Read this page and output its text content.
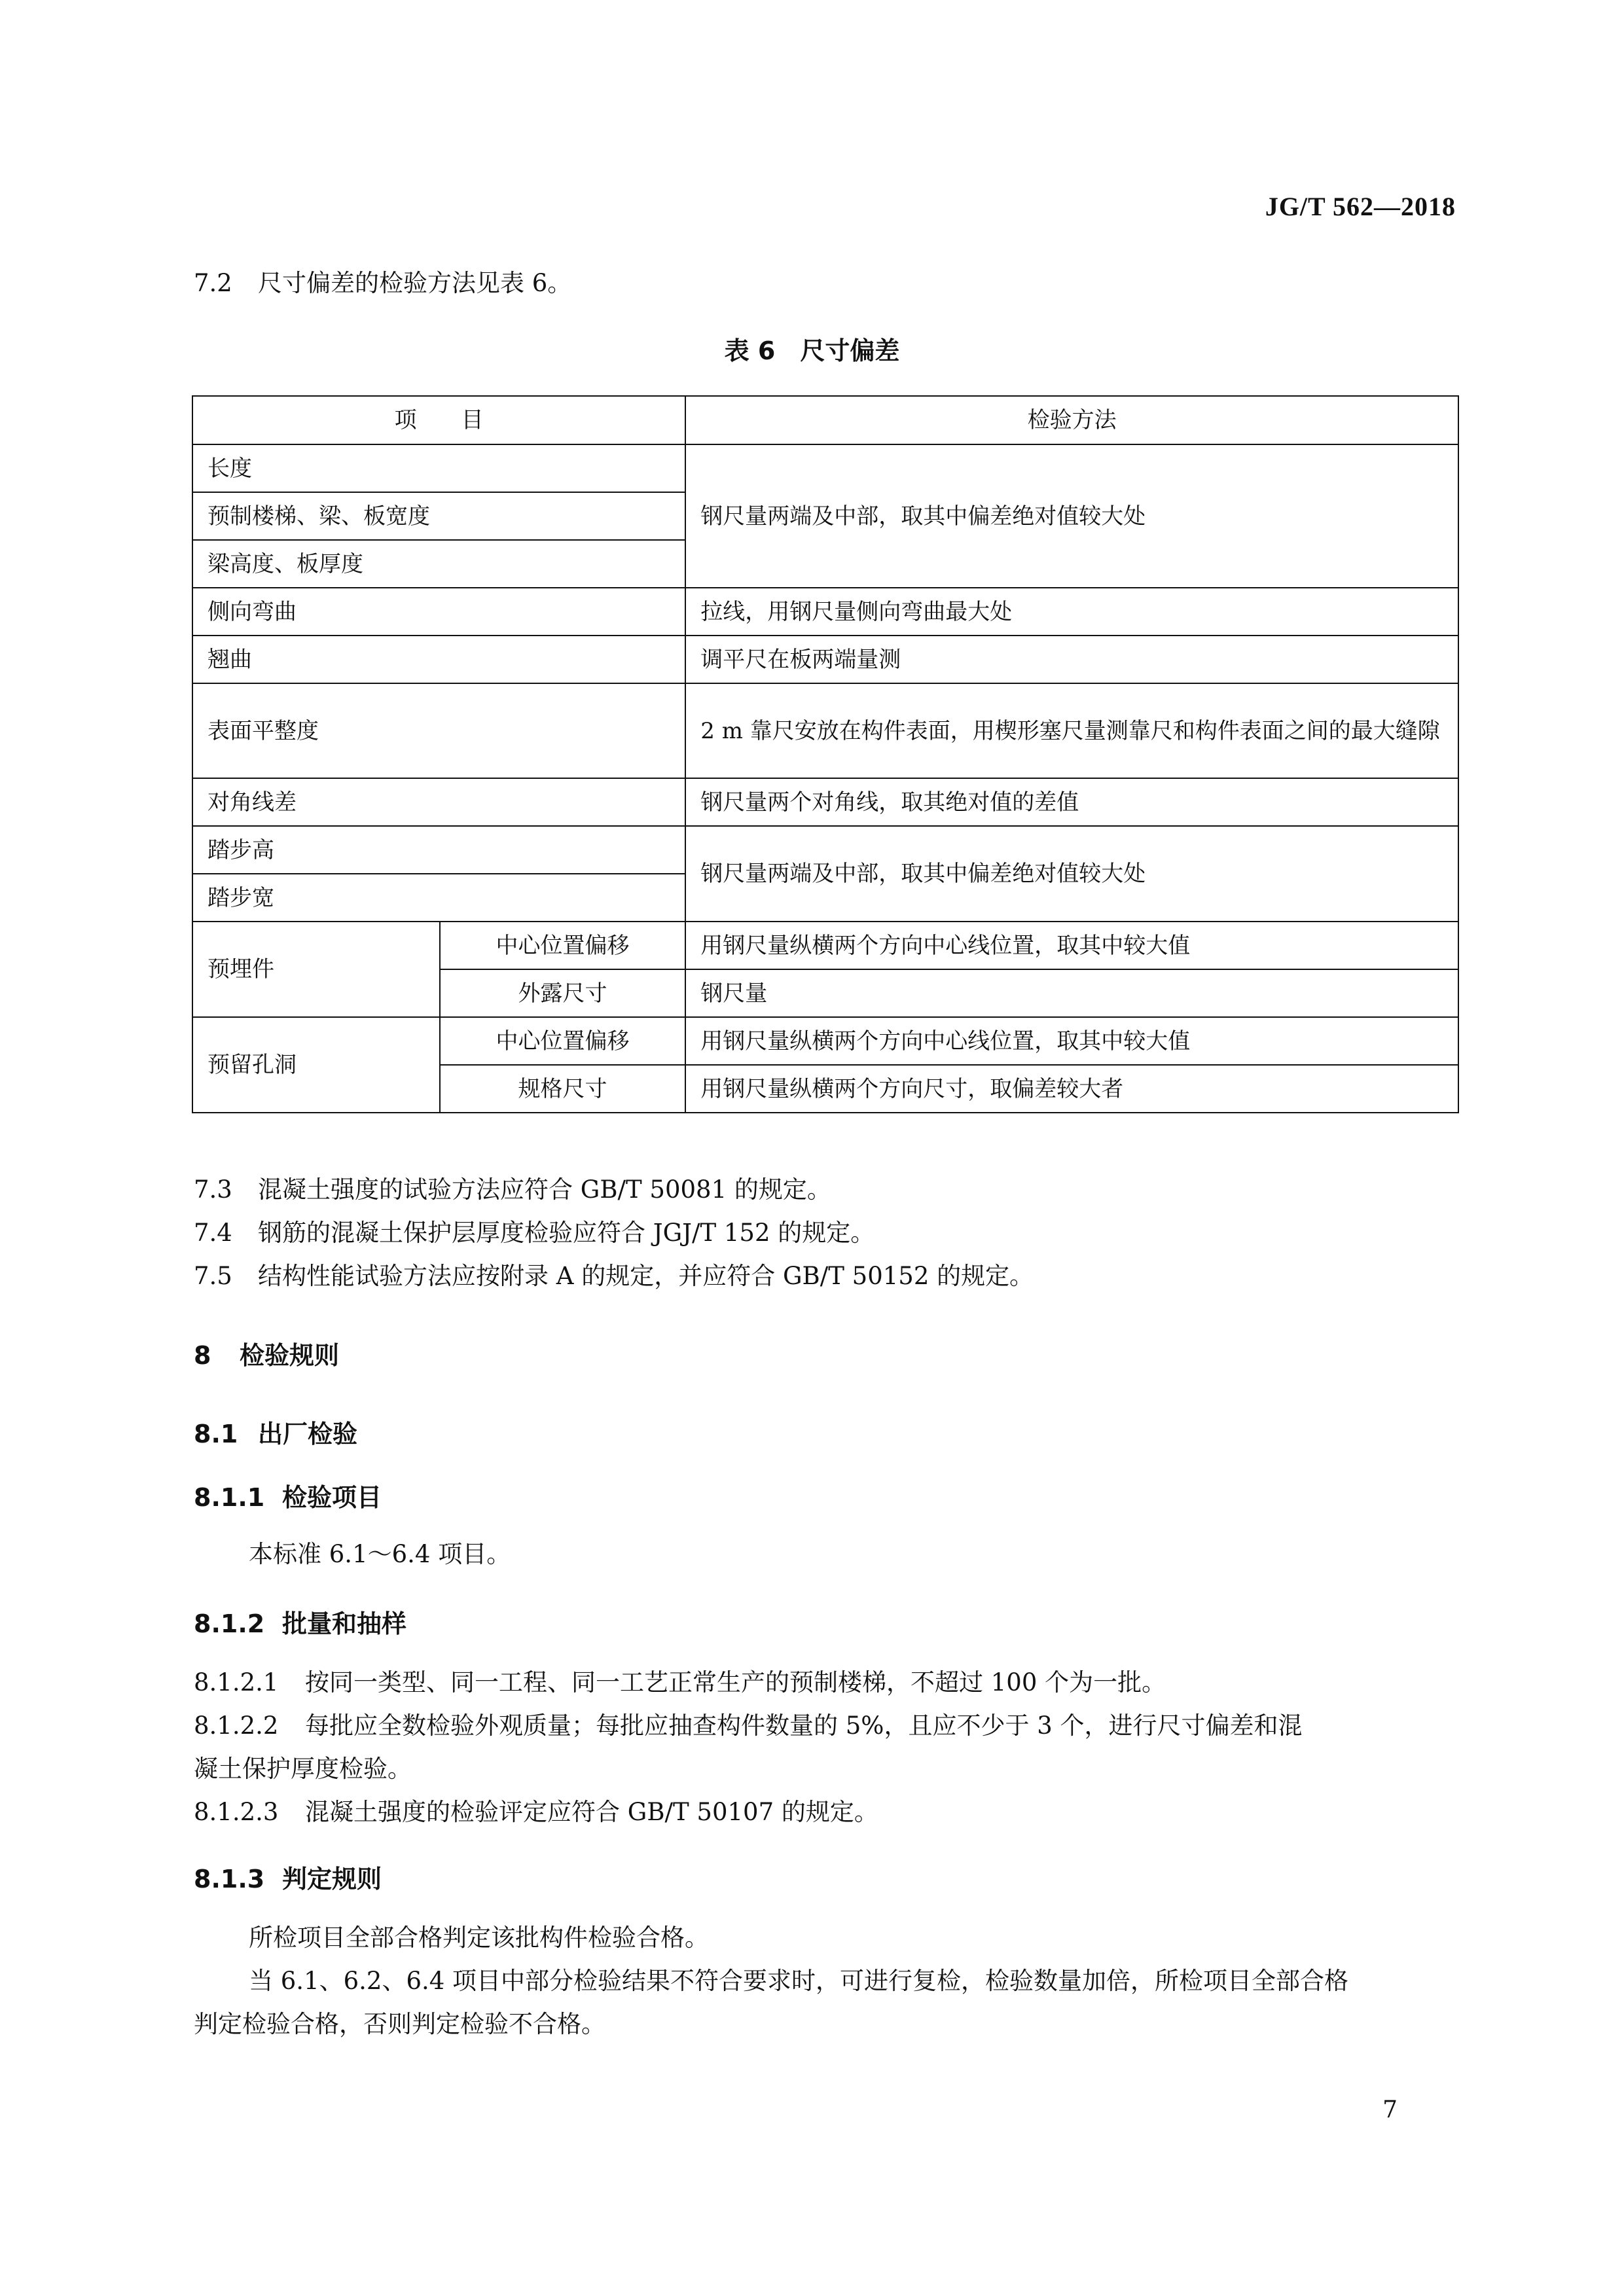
JG/T 562—2018
7.2 尺寸偏差的检验方法见表 6。
表 6　尺寸偏差
项　　目		检验方法
长度		钢尺量两端及中部，取其中偏差绝对值较大处
预制楼梯、梁、板宽度		
梁高度、板厚度		
侧向弯曲		拉线，用钢尺量侧向弯曲最大处
翘曲		调平尺在板两端量测
表面平整度		2 m 靠尺安放在构件表面，用楔形塞尺量测靠尺和构件表面之间的最大缝隙
对角线差		钢尺量两个对角线，取其绝对值的差值
踏步高		钢尺量两端及中部，取其中偏差绝对值较大处
踏步宽		
预埋件	中心位置偏移	用钢尺量纵横两个方向中心线位置，取其中较大值
	外露尺寸	钢尺量
预留孔洞	中心位置偏移	用钢尺量纵横两个方向中心线位置，取其中较大值
	规格尺寸	用钢尺量纵横两个方向尺寸，取偏差较大者
7.3 混凝土强度的试验方法应符合 GB/T 50081 的规定。
7.4 钢筋的混凝土保护层厚度检验应符合 JGJ/T 152 的规定。
7.5 结构性能试验方法应按附录 A 的规定，并应符合 GB/T 50152 的规定。
8 检验规则
8.1 出厂检验
8.1.1 检验项目
本标准 6.1～6.4 项目。
8.1.2 批量和抽样
8.1.2.1 按同一类型、同一工程、同一工艺正常生产的预制楼梯，不超过 100 个为一批。
8.1.2.2 每批应全数检验外观质量；每批应抽查构件数量的 5%，且应不少于 3 个，进行尺寸偏差和混
凝土保护厚度检验。
8.1.2.3 混凝土强度的检验评定应符合 GB/T 50107 的规定。
8.1.3 判定规则
所检项目全部合格判定该批构件检验合格。
当 6.1、6.2、6.4 项目中部分检验结果不符合要求时，可进行复检，检验数量加倍，所检项目全部合格
判定检验合格，否则判定检验不合格。
7
